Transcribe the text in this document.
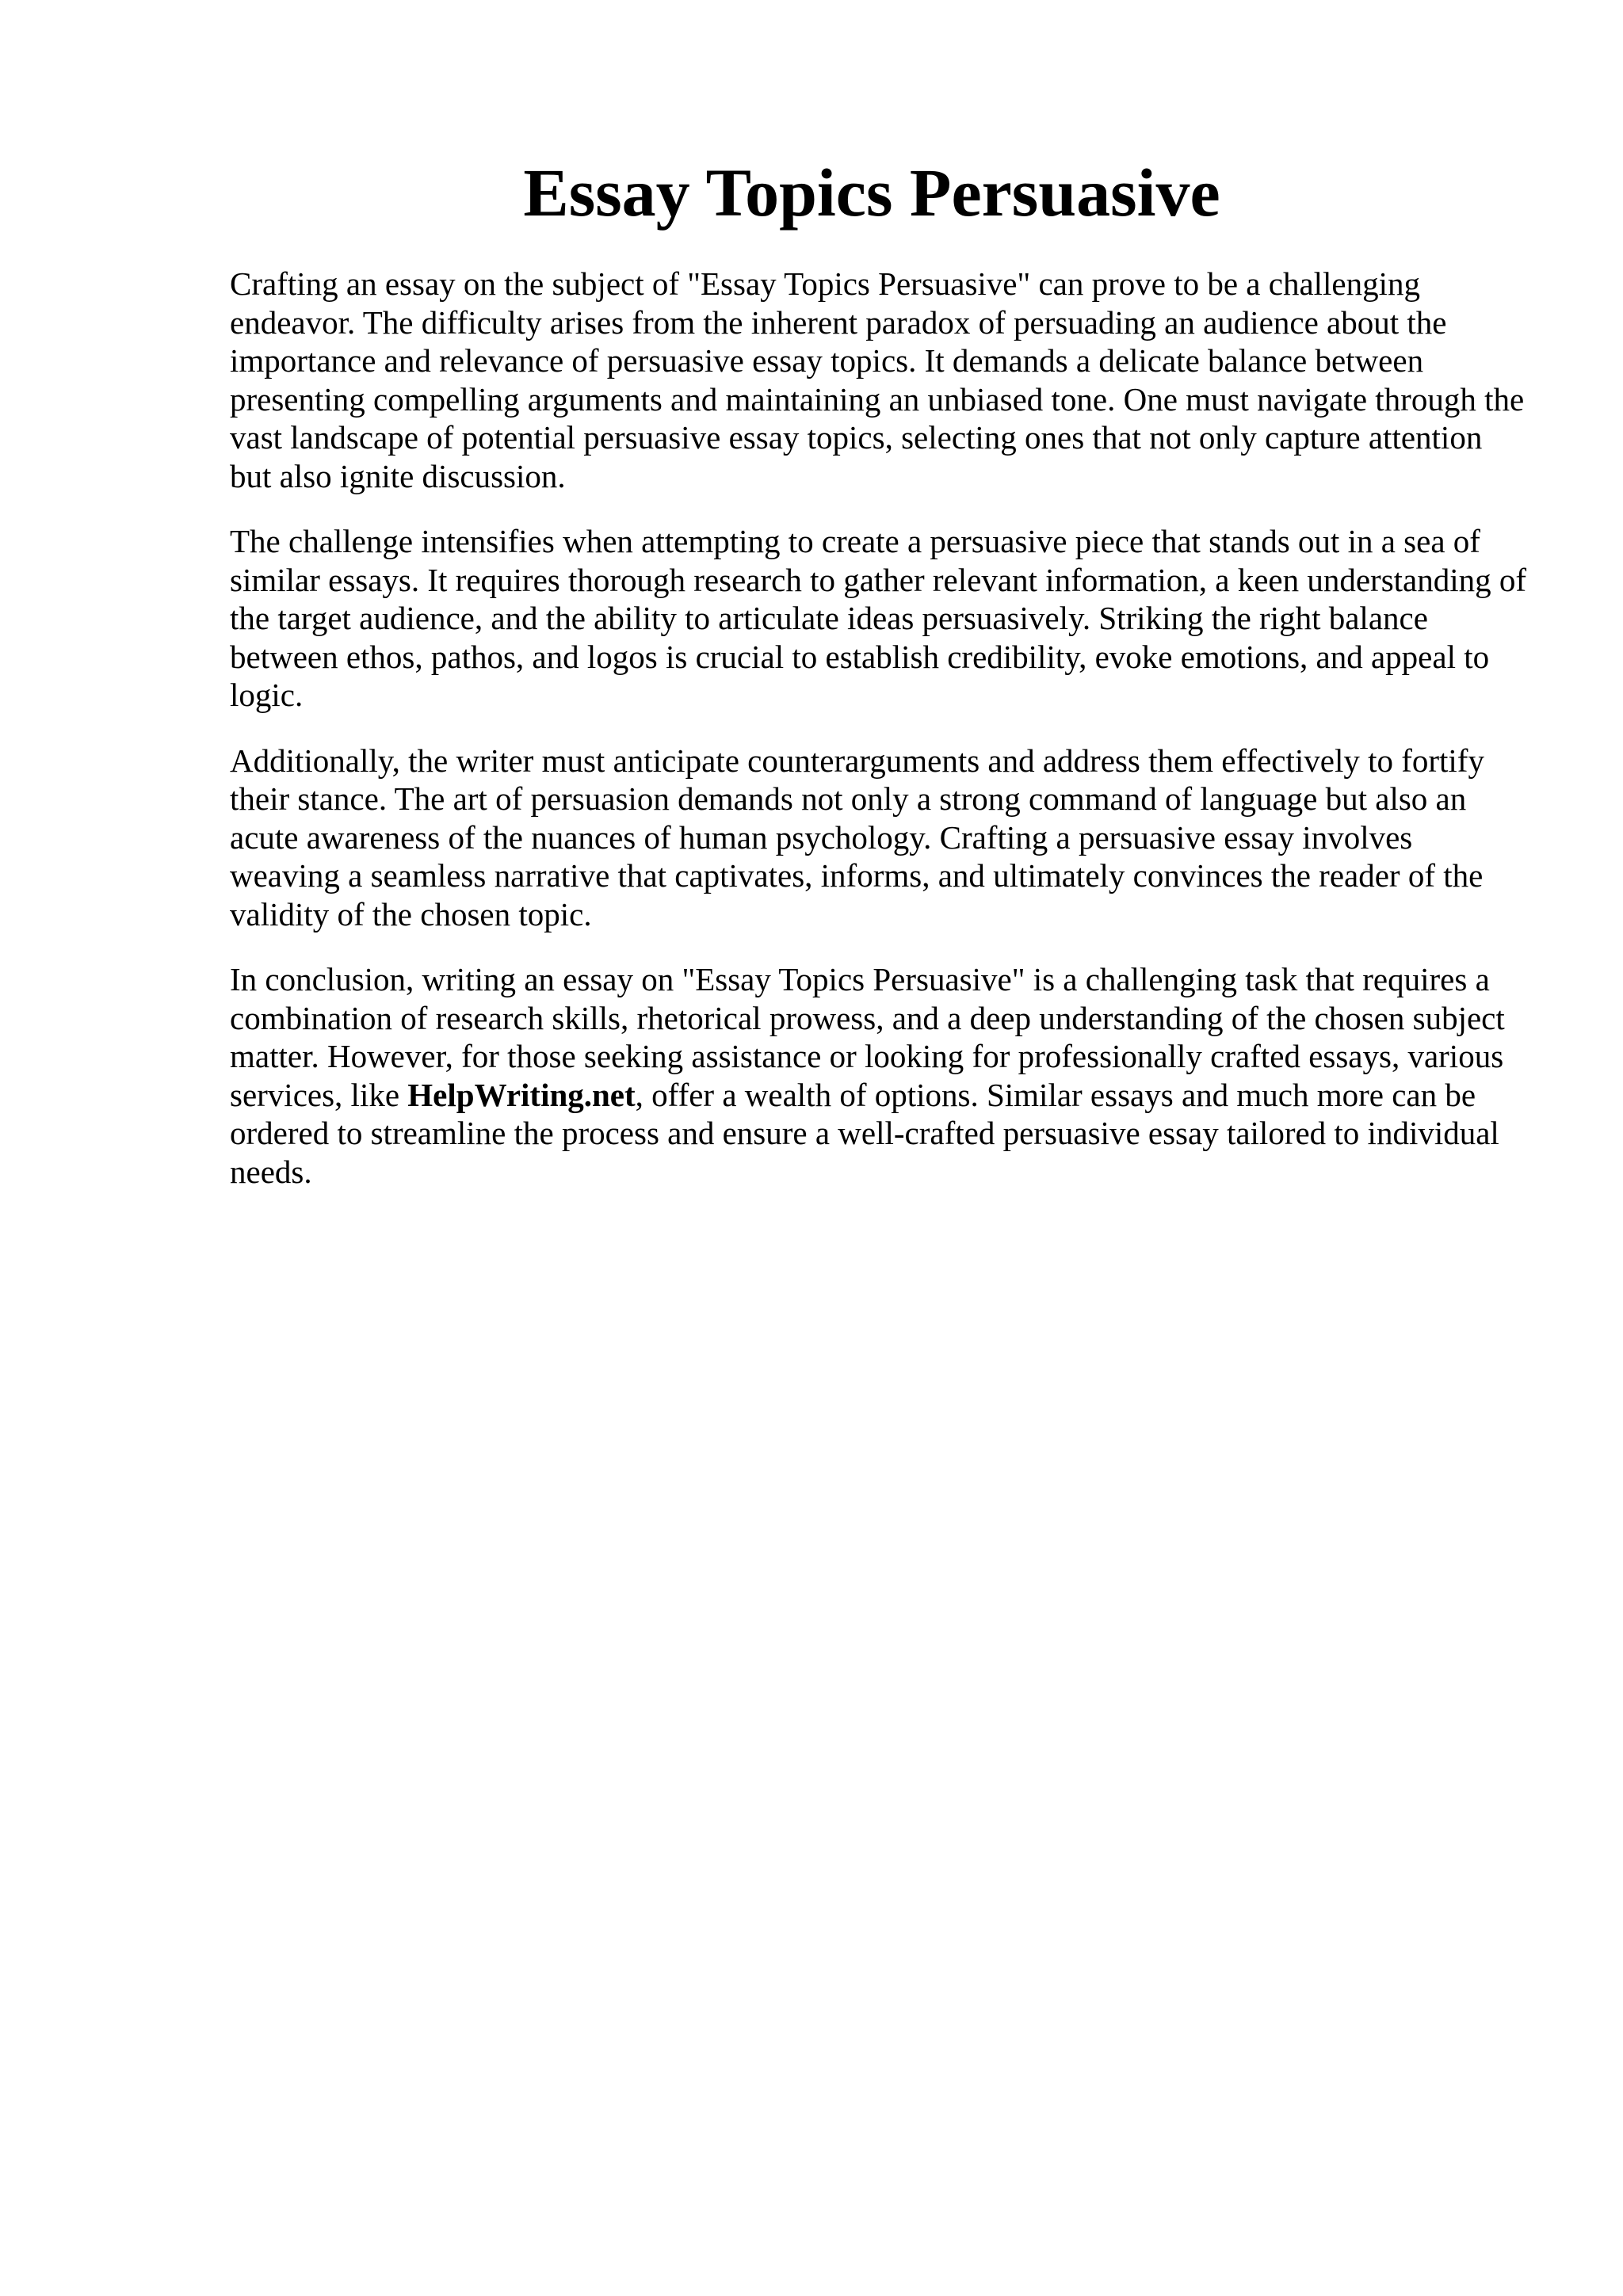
Essay Topics Persuasive

Crafting an essay on the subject of "Essay Topics Persuasive" can prove to be a challenging endeavor. The difficulty arises from the inherent paradox of persuading an audience about the importance and relevance of persuasive essay topics. It demands a delicate balance between presenting compelling arguments and maintaining an unbiased tone. One must navigate through the vast landscape of potential persuasive essay topics, selecting ones that not only capture attention but also ignite discussion.

The challenge intensifies when attempting to create a persuasive piece that stands out in a sea of similar essays. It requires thorough research to gather relevant information, a keen understanding of the target audience, and the ability to articulate ideas persuasively. Striking the right balance between ethos, pathos, and logos is crucial to establish credibility, evoke emotions, and appeal to logic.

Additionally, the writer must anticipate counterarguments and address them effectively to fortify their stance. The art of persuasion demands not only a strong command of language but also an acute awareness of the nuances of human psychology. Crafting a persuasive essay involves weaving a seamless narrative that captivates, informs, and ultimately convinces the reader of the validity of the chosen topic.

In conclusion, writing an essay on "Essay Topics Persuasive" is a challenging task that requires a combination of research skills, rhetorical prowess, and a deep understanding of the chosen subject matter. However, for those seeking assistance or looking for professionally crafted essays, various services, like HelpWriting.net, offer a wealth of options. Similar essays and much more can be ordered to streamline the process and ensure a well-crafted persuasive essay tailored to individual needs.
